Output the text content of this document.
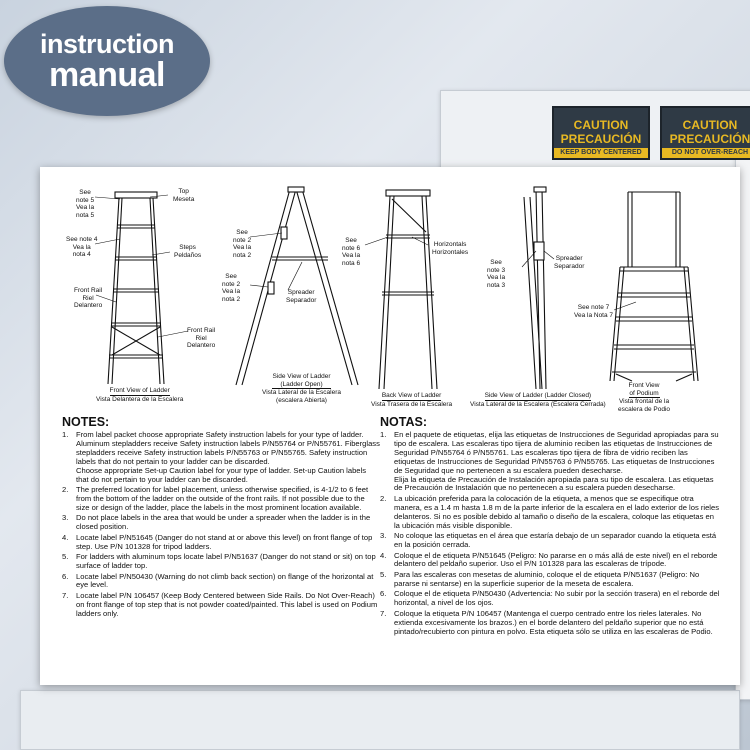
CAUTION
PRECAUCIÓN
KEEP BODY CENTERED
CAUTION
PRECAUCIÓN
DO NOT OVER-REACH
instruction
manual
See
note 5
Vea la
nota 5
Top
Meseta
See note 4
Vea la
nota 4
Steps
Peldaños
Front Rail
Riel
Delantero
Front Rail
Riel
Delantero
Front View of Ladder

Vista Delantera de la Escalera
See
note 2
Vea la
nota 2
See
note 2
Vea la
nota 2
Spreader
Separador
Side View of Ladder
(Ladder Open)

Vista Lateral de la Escalera
(escalera Abierta)
See
note 6
Vea la
nota 6
Horizontals
Horizontales
Back View of Ladder

Vista Trasera de la Escalera
See
note 3
Vea la
nota 3
Spreader
Separador
Side View of Ladder (Ladder Closed)

Vista Lateral de la Escalera (Escalera Cerrada)
See note 7
Vea la Nota 7
Front View
of Podium

Vista frontal de la
escalera de Podio
NOTES:
1. From label packet choose appropriate Safety instruction labels for your type of ladder. Aluminum stepladders receive Safety instruction labels P/N55764 or P/N55761. Fiberglass stepladders receive Safety instruction labels P/N55763 or P/N55765. Safety instruction labels that do not pertain to your ladder can be discarded.

Choose appropriate Set-up Caution label for your type of ladder. Set-up Caution labels that do not pertain to your ladder can be discarded.

2. The preferred location for label placement, unless otherwise specified, is 4-1/2 to 6 feet from the bottom of the ladder on the outside of the front rails. If not possible due to the size or design of the ladder, place the labels in the most prominent location available.

3. Do not place labels in the area that would be under a spreader when the ladder is in the closed position.

4. Locate label P/N51645 (Danger do not stand at or above this level) on front flange of top step. Use P/N 101328 for tripod ladders.

5. For ladders with aluminum tops locate label P/N51637 (Danger do not stand or sit) on top surface of ladder top.

6. Locate label P/N50430 (Warning do not climb back section) on flange of the horizontal at eye level.

7. Locate label P/N 106457 (Keep Body Centered between Side Rails. Do Not Over-Reach) on front flange of top step that is not powder coated/painted. This label is used on Podium ladders only.

NOTAS:
1. En el paquete de etiquetas, elija las etiquetas de Instrucciones de Seguridad apropiadas para su tipo de escalera. Las escaleras tipo tijera de aluminio reciben las etiquetas de Instrucciones de Seguridad P/N55764 ó P/N55761. Las escaleras tipo tijera de fibra de vidrio reciben las etiquetas de Instrucciones de Seguridad P/N55763 ó P/N55765. Las etiquetas de Instrucciones de Seguridad que no pertenecen a su escalera pueden desecharse.

Elija la etiqueta de Precaución de Instalación apropiada para su tipo de escalera. Las etiquetas de Precaución de Instalación que no pertenecen a su escalera pueden desecharse.

2. La ubicación preferida para la colocación de la etiqueta, a menos que se especifique otra manera, es a 1.4 m hasta 1.8 m de la parte inferior de la escalera en el lado exterior de los rieles delanteros. Si no es posible debido al tamaño o diseño de la escalera, coloque las etiquetas en la ubicación más visible disponible.

3. No coloque las etiquetas en el área que estaría debajo de un separador cuando la etiqueta está en la posición cerrada.

4. Coloque el de etiqueta P/N51645 (Peligro: No pararse en o más allá de este nivel) en el reborde delantero del peldaño superior. Uso el P/N 101328 para las escaleras de trípode.

5. Para las escaleras con mesetas de aluminio, coloque el de etiqueta P/N51637 (Peligro: No pararse ni sentarse) en la superficie superior de la meseta de escalera.

6. Coloque el de etiqueta P/N50430 (Advertencia: No subir por la sección trasera) en el reborde del horizontal, a nivel de los ojos.

7. Coloque la etiqueta P/N 106457 (Mantenga el cuerpo centrado entre los rieles laterales. No extienda excesivamente los brazos.) en el borde delantero del peldaño superior que no está pintado/recubierto con pintura en polvo. Esta etiqueta sólo se utiliza en las escaleras de Podio.
